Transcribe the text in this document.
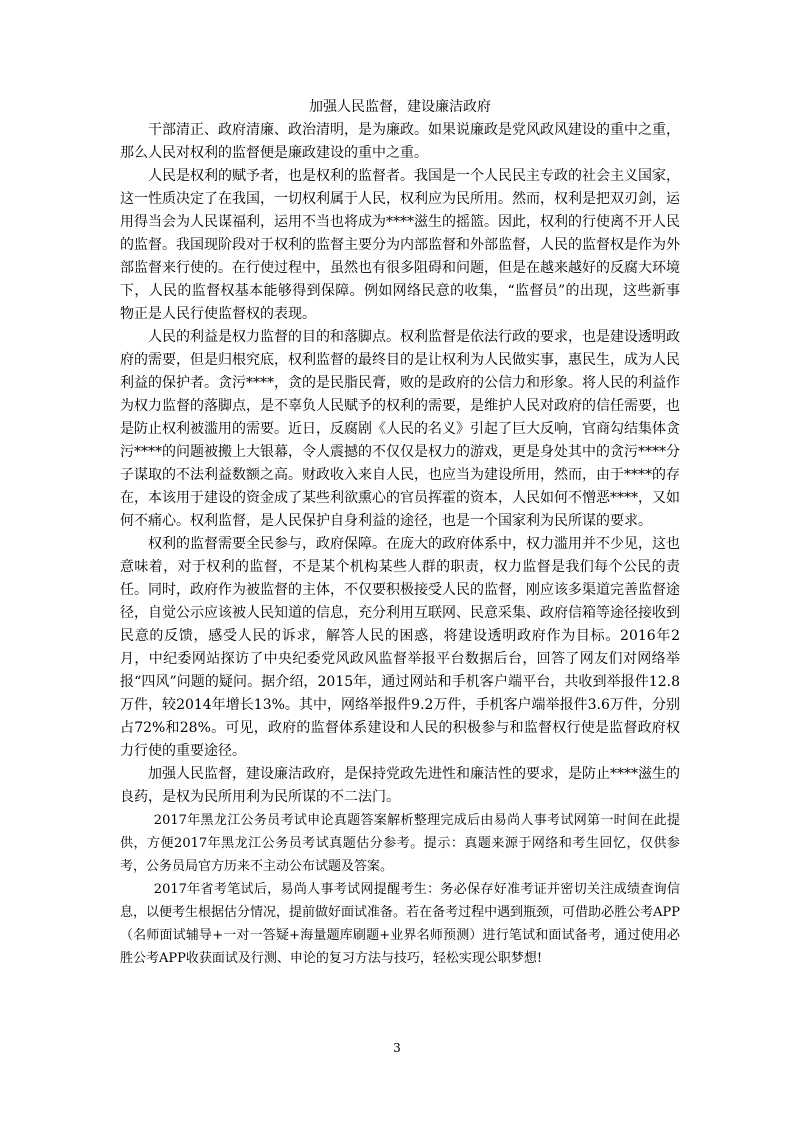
加强人民监督，建设廉洁政府

干部清正、政府清廉、政治清明，是为廉政。如果说廉政是党风政风建设的重中之重，那么人民对权利的监督便是廉政建设的重中之重。

人民是权利的赋予者，也是权利的监督者。我国是一个人民民主专政的社会主义国家，这一性质决定了在我国，一切权利属于人民，权利应为民所用。然而，权利是把双刃剑，运用得当会为人民谋福利，运用不当也将成为****滋生的摇篮。因此，权利的行使离不开人民的监督。我国现阶段对于权利的监督主要分为内部监督和外部监督，人民的监督权是作为外部监督来行使的。在行使过程中，虽然也有很多阻碍和问题，但是在越来越好的反腐大环境下，人民的监督权基本能够得到保障。例如网络民意的收集，“监督员”的出现，这些新事物正是人民行使监督权的表现。

人民的利益是权力监督的目的和落脚点。权利监督是依法行政的要求，也是建设透明政府的需要，但是归根究底，权利监督的最终目的是让权利为人民做实事，惠民生，成为人民利益的保护者。贪污****，贪的是民脂民膏，败的是政府的公信力和形象。将人民的利益作为权力监督的落脚点，是不辜负人民赋予的权利的需要，是维护人民对政府的信任需要，也是防止权利被滥用的需要。近日，反腐剧《人民的名义》引起了巨大反响，官商勾结集体贪污****的问题被搬上大银幕，令人震撼的不仅仅是权力的游戏，更是身处其中的贪污****分子谋取的不法利益数额之高。财政收入来自人民，也应当为建设所用，然而，由于****的存在，本该用于建设的资金成了某些利欲熏心的官员挥霍的资本，人民如何不憎恶****，又如何不痛心。权利监督，是人民保护自身利益的途径，也是一个国家利为民所谋的要求。

权利的监督需要全民参与，政府保障。在庞大的政府体系中，权力滥用并不少见，这也意味着，对于权利的监督，不是某个机构某些人群的职责，权力监督是我们每个公民的责任。同时，政府作为被监督的主体，不仅要积极接受人民的监督，刚应该多渠道完善监督途径，自觉公示应该被人民知道的信息，充分利用互联网、民意采集、政府信箱等途径接收到民意的反馈，感受人民的诉求，解答人民的困惑，将建设透明政府作为目标。2016年2月，中纪委网站探访了中央纪委党风政风监督举报平台数据后台，回答了网友们对网络举报“四风”问题的疑问。据介绍，2015年，通过网站和手机客户端平台，共收到举报件12.8万件，较2014年增长13%。其中，网络举报件9.2万件，手机客户端举报件3.6万件，分别占72%和28%。可见，政府的监督体系建设和人民的积极参与和监督权行使是监督政府权力行使的重要途径。

加强人民监督，建设廉洁政府，是保持党政先进性和廉洁性的要求，是防止****滋生的良药，是权为民所用利为民所谋的不二法门。

2017年黑龙江公务员考试申论真题答案解析整理完成后由易尚人事考试网第一时间在此提供，方便2017年黑龙江公务员考试真题估分参考。提示：真题来源于网络和考生回忆，仅供参考，公务员局官方历来不主动公布试题及答案。

2017年省考笔试后，易尚人事考试网提醒考生：务必保存好准考证并密切关注成绩查询信息，以便考生根据估分情况，提前做好面试准备。若在备考过程中遇到瓶颈，可借助必胜公考APP（名师面试辅导+一对一答疑+海量题库刷题+业界名师预测）进行笔试和面试备考，通过使用必胜公考APP收获面试及行测、申论的复习方法与技巧，轻松实现公职梦想!

3
